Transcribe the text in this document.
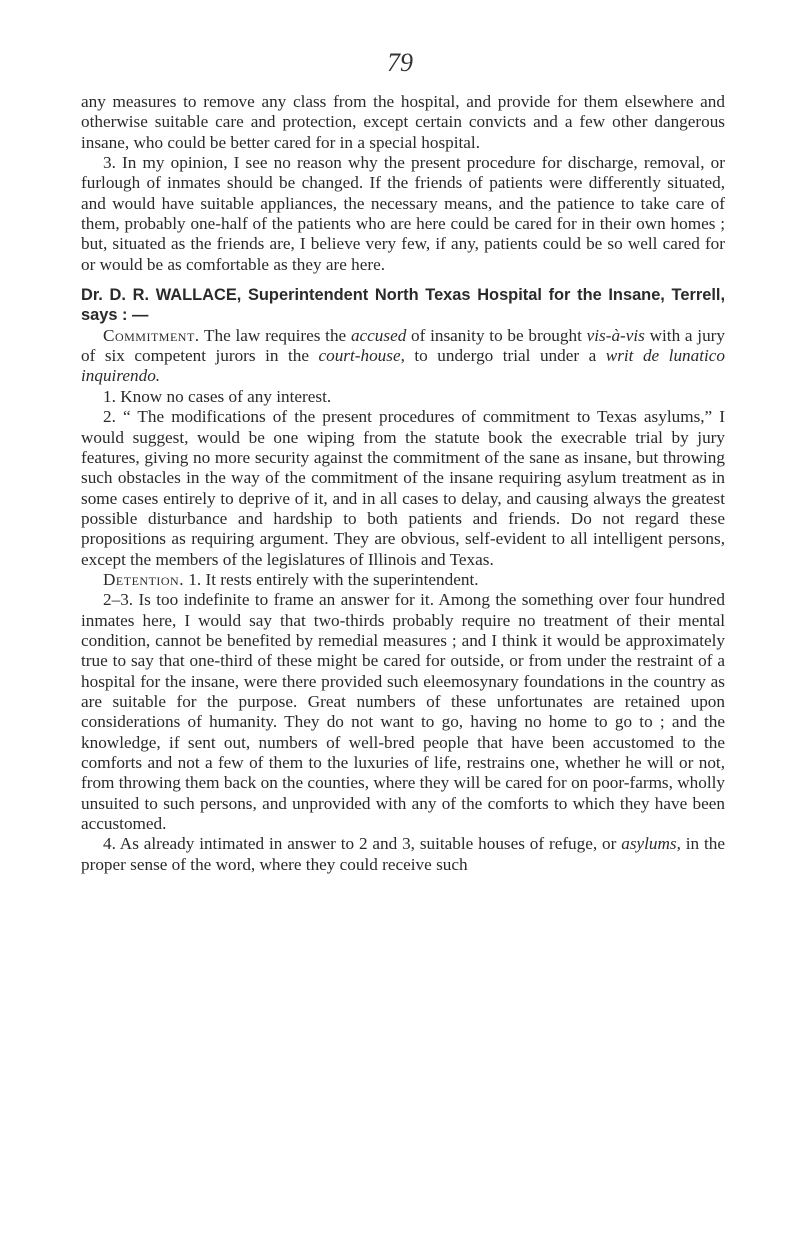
79

any measures to remove any class from the hospital, and provide for them elsewhere and otherwise suitable care and protection, except certain convicts and a few other dangerous insane, who could be better cared for in a special hospital.

3. In my opinion, I see no reason why the present procedure for discharge, removal, or furlough of inmates should be changed. If the friends of patients were differently situated, and would have suitable appliances, the necessary means, and the patience to take care of them, probably one-half of the patients who are here could be cared for in their own homes ; but, situated as the friends are, I believe very few, if any, patients could be so well cared for or would be as comfortable as they are here.

Dr. D. R. WALLACE, Superintendent North Texas Hospital for the Insane, Terrell, says : —

Commitment. The law requires the accused of insanity to be brought vis-à-vis with a jury of six competent jurors in the court-house, to undergo trial under a writ de lunatico inquirendo.

1. Know no cases of any interest.

2. “ The modifications of the present procedures of commitment to Texas asylums,” I would suggest, would be one wiping from the statute book the execrable trial by jury features, giving no more security against the commitment of the sane as insane, but throwing such obstacles in the way of the commitment of the insane requiring asylum treatment as in some cases entirely to deprive of it, and in all cases to delay, and causing always the greatest possible disturbance and hardship to both patients and friends. Do not regard these propositions as requiring argument. They are obvious, self-evident to all intelligent persons, except the members of the legislatures of Illinois and Texas.

Detention. 1. It rests entirely with the superintendent.

2–3. Is too indefinite to frame an answer for it. Among the something over four hundred inmates here, I would say that two-thirds probably require no treatment of their mental condition, cannot be benefited by remedial measures ; and I think it would be approximately true to say that one-third of these might be cared for outside, or from under the restraint of a hospital for the insane, were there provided such eleemosynary foundations in the country as are suitable for the purpose. Great numbers of these unfortunates are retained upon considerations of humanity. They do not want to go, having no home to go to ; and the knowledge, if sent out, numbers of well-bred people that have been accustomed to the comforts and not a few of them to the luxuries of life, restrains one, whether he will or not, from throwing them back on the counties, where they will be cared for on poor-farms, wholly unsuited to such persons, and unprovided with any of the comforts to which they have been accustomed.

4. As already intimated in answer to 2 and 3, suitable houses of refuge, or asylums, in the proper sense of the word, where they could receive such
